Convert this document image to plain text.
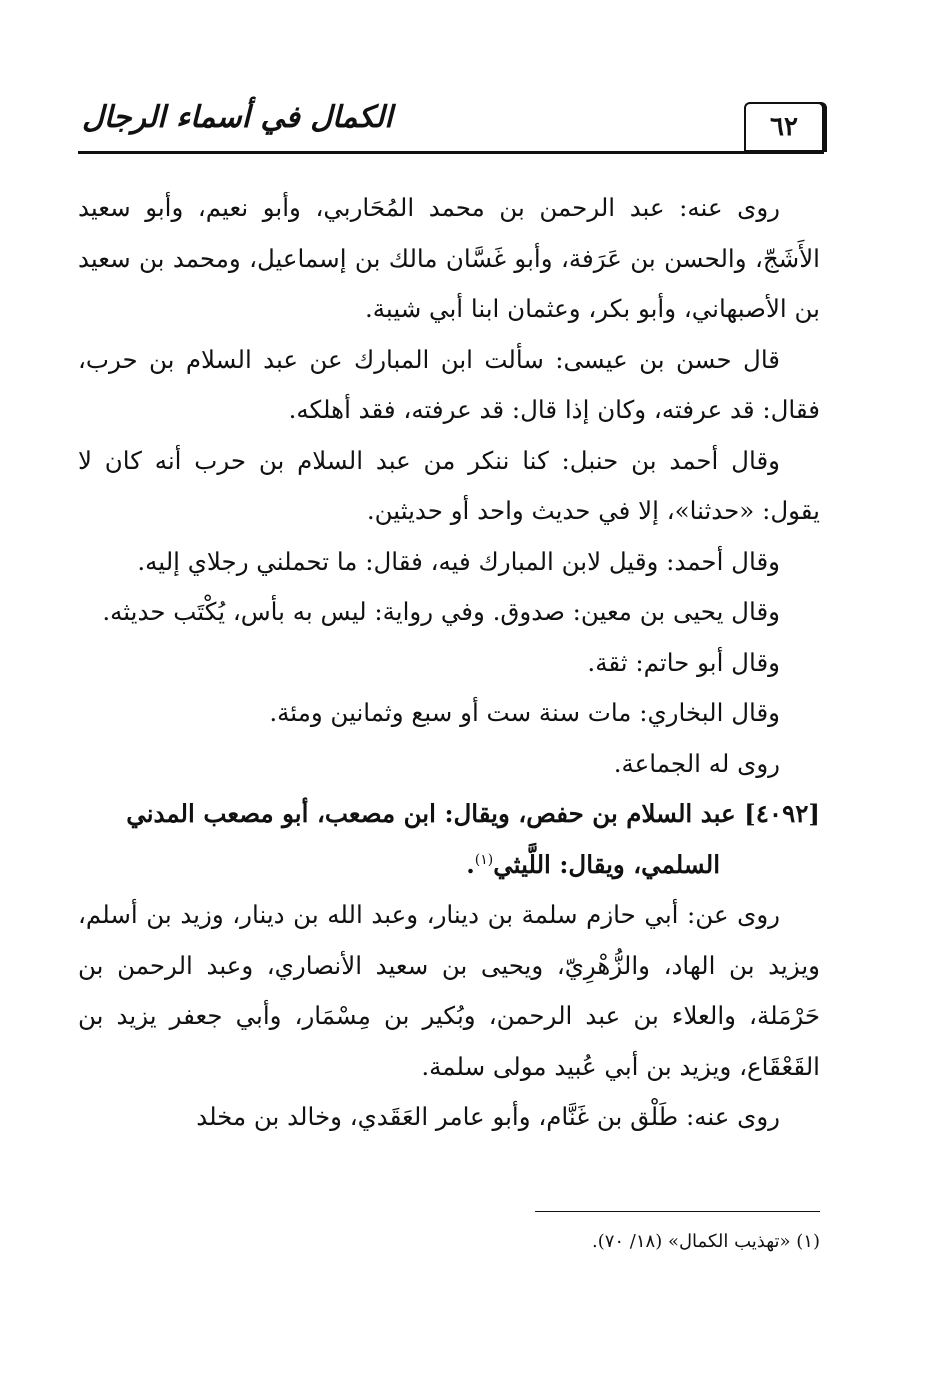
٦٢
الكمال في أسماء الرجال

روى عنه: عبد الرحمن بن محمد المُحَاربي، وأبو نعيم، وأبو سعيد الأَشَجّ، والحسن بن عَرَفة، وأبو غَسَّان مالك بن إسماعيل، ومحمد بن سعيد بن الأصبهاني، وأبو بكر، وعثمان ابنا أبي شيبة.

قال حسن بن عيسى: سألت ابن المبارك عن عبد السلام بن حرب، فقال: قد عرفته، وكان إذا قال: قد عرفته، فقد أهلكه.

وقال أحمد بن حنبل: كنا ننكر من عبد السلام بن حرب أنه كان لا يقول: «حدثنا»، إلا في حديث واحد أو حديثين.

وقال أحمد: وقيل لابن المبارك فيه، فقال: ما تحملني رجلاي إليه.

وقال يحيى بن معين: صدوق. وفي رواية: ليس به بأس، يُكْتَب حديثه.

وقال أبو حاتم: ثقة.

وقال البخاري: مات سنة ست أو سبع وثمانين ومئة.

روى له الجماعة.

[٤٠٩٢] عبد السلام بن حفص، ويقال: ابن مصعب، أبو مصعب المدني
السلمي، ويقال: اللَّيثي$^{(١)}$.

روى عن: أبي حازم سلمة بن دينار، وعبد الله بن دينار، وزيد بن أسلم، ويزيد بن الهاد، والزُّهْرِيّ، ويحيى بن سعيد الأنصاري، وعبد الرحمن بن حَرْمَلة، والعلاء بن عبد الرحمن، وبُكير بن مِسْمَار، وأبي جعفر يزيد بن القَعْقَاع، ويزيد بن أبي عُبيد مولى سلمة.

روى عنه: طَلْق بن غَنَّام، وأبو عامر العَقَدي، وخالد بن مخلد

(١) «تهذيب الكمال» (١٨/ ٧٠).
